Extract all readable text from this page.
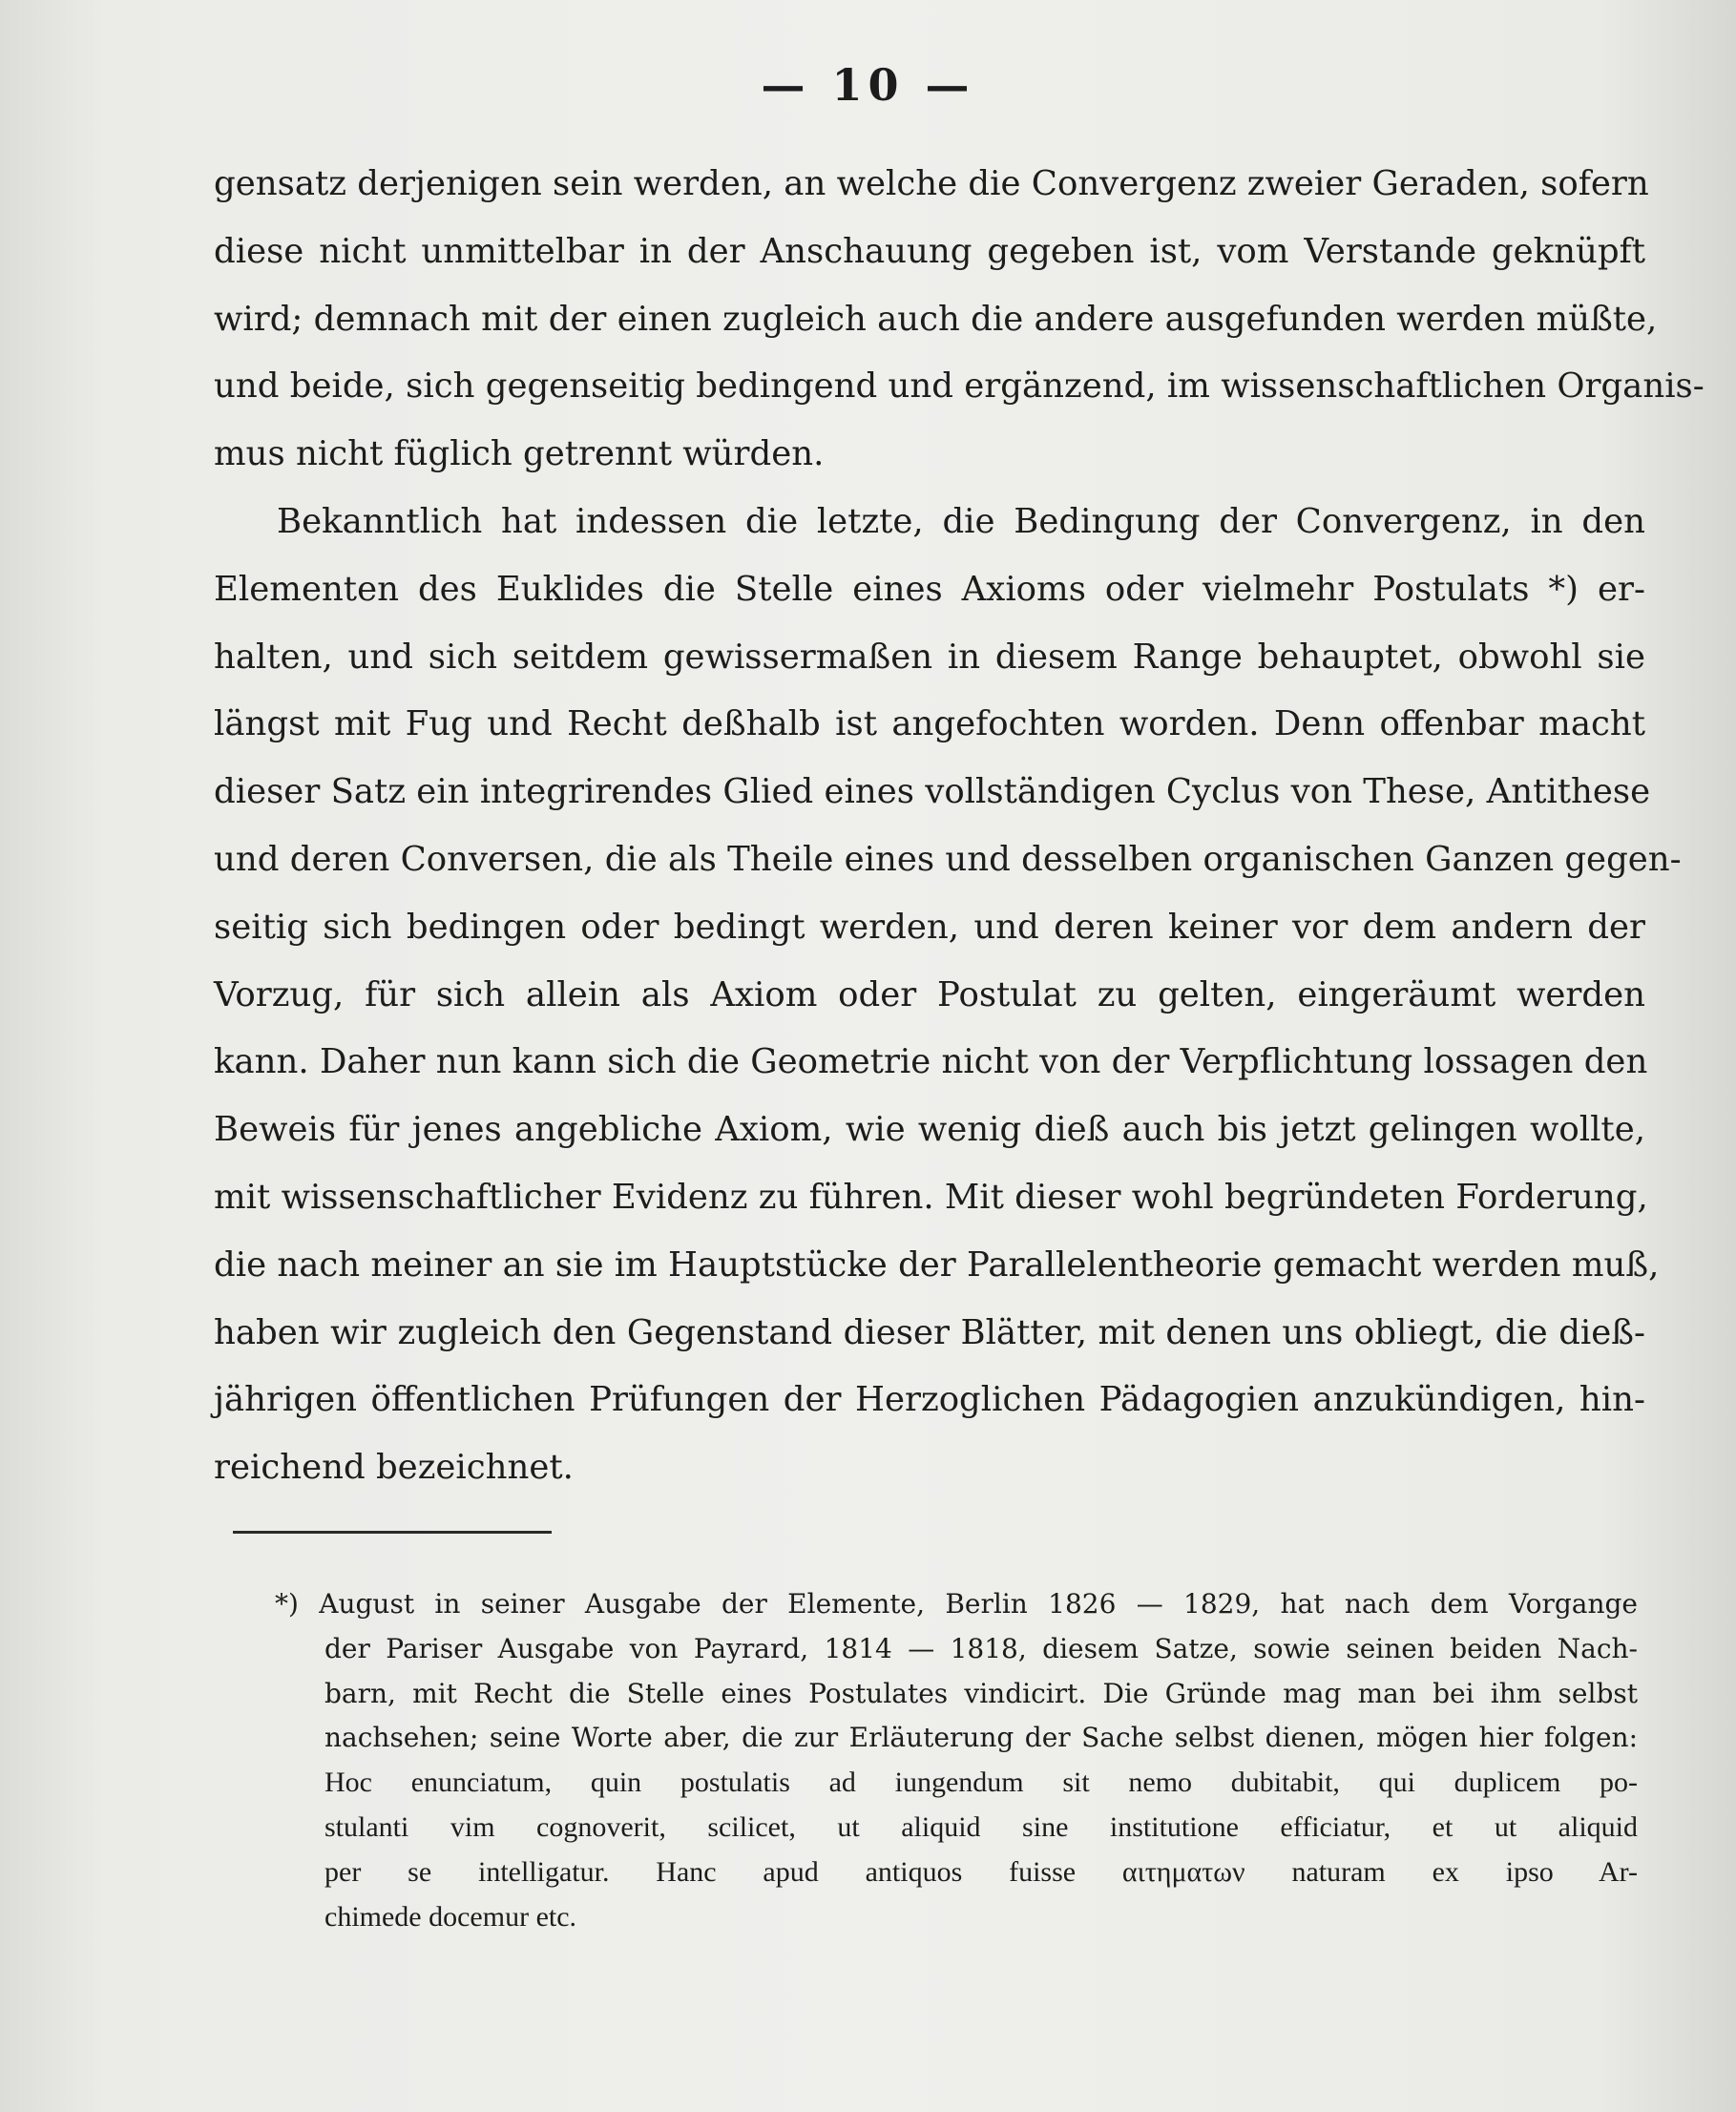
— 10 —
gensatz derjenigen sein werden, an welche die Convergenz zweier Geraden, sofern
diese nicht unmittelbar in der Anschauung gegeben ist, vom Verstande geknüpft
wird; demnach mit der einen zugleich auch die andere ausgefunden werden müßte,
und beide, sich gegenseitig bedingend und ergänzend, im wissenschaftlichen Organis-
mus nicht füglich getrennt würden.
Bekanntlich hat indessen die letzte, die Bedingung der Convergenz, in den
Elementen des Euklides die Stelle eines Axioms oder vielmehr Postulats *) er-
halten, und sich seitdem gewissermaßen in diesem Range behauptet, obwohl sie
längst mit Fug und Recht deßhalb ist angefochten worden. Denn offenbar macht
dieser Satz ein integrirendes Glied eines vollständigen Cyclus von These, Antithese
und deren Conversen, die als Theile eines und desselben organischen Ganzen gegen-
seitig sich bedingen oder bedingt werden, und deren keiner vor dem andern der
Vorzug, für sich allein als Axiom oder Postulat zu gelten, eingeräumt werden
kann. Daher nun kann sich die Geometrie nicht von der Verpflichtung lossagen den
Beweis für jenes angebliche Axiom, wie wenig dieß auch bis jetzt gelingen wollte,
mit wissenschaftlicher Evidenz zu führen. Mit dieser wohl begründeten Forderung,
die nach meiner an sie im Hauptstücke der Parallelentheorie gemacht werden muß,
haben wir zugleich den Gegenstand dieser Blätter, mit denen uns obliegt, die dieß-
jährigen öffentlichen Prüfungen der Herzoglichen Pädagogien anzukündigen, hin-
reichend bezeichnet.
*) August in seiner Ausgabe der Elemente, Berlin 1826 — 1829, hat nach dem Vorgange
der Pariser Ausgabe von Payrard, 1814 — 1818, diesem Satze, sowie seinen beiden Nach-
barn, mit Recht die Stelle eines Postulates vindicirt. Die Gründe mag man bei ihm selbst
nachsehen; seine Worte aber, die zur Erläuterung der Sache selbst dienen, mögen hier folgen:
Hoc enunciatum, quin postulatis ad iungendum sit nemo dubitabit, qui duplicem po-
stulanti vim cognoverit, scilicet, ut aliquid sine institutione efficiatur, et ut aliquid
per se intelligatur. Hanc apud antiquos fuisse αιτηματων naturam ex ipso Ar-
chimede docemur etc.
